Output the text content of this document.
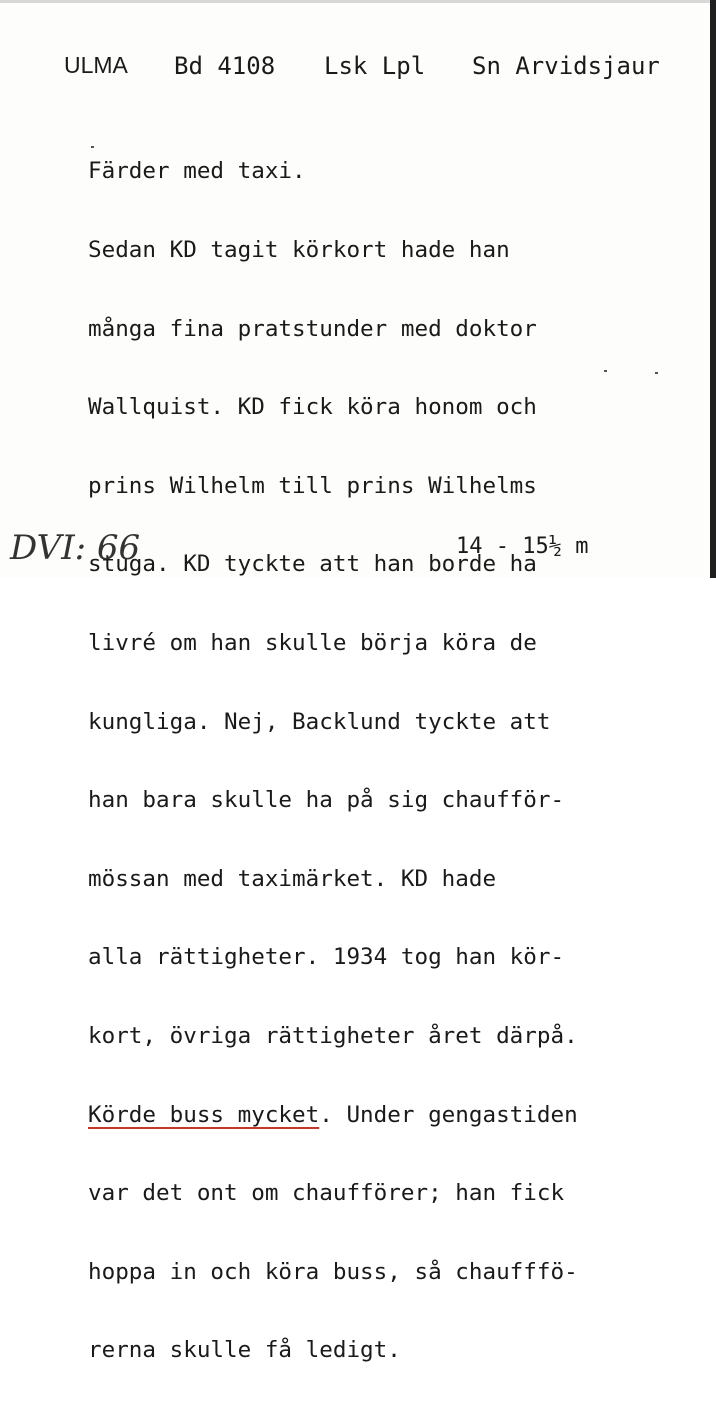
ULMA Bd 4108 Lsk Lpl Sn Arvidsjaur

Färder med taxi.

Sedan KD tagit körkort hade han

många fina pratstunder med doktor

Wallquist. KD fick köra honom och

prins Wilhelm till prins Wilhelms

stuga. KD tyckte att han borde ha

livré om han skulle börja köra de

kungliga. Nej, Backlund tyckte att

han bara skulle ha på sig chaufför-

mössan med taximärket. KD hade

alla rättigheter. 1934 tog han kör-

kort, övriga rättigheter året därpå.

Körde buss mycket. Under gengastiden

var det ont om chaufförer; han fick

hoppa in och köra buss, så chaufffö-

rerna skulle få ledigt.

14 - 15½ m
DVI: 66
